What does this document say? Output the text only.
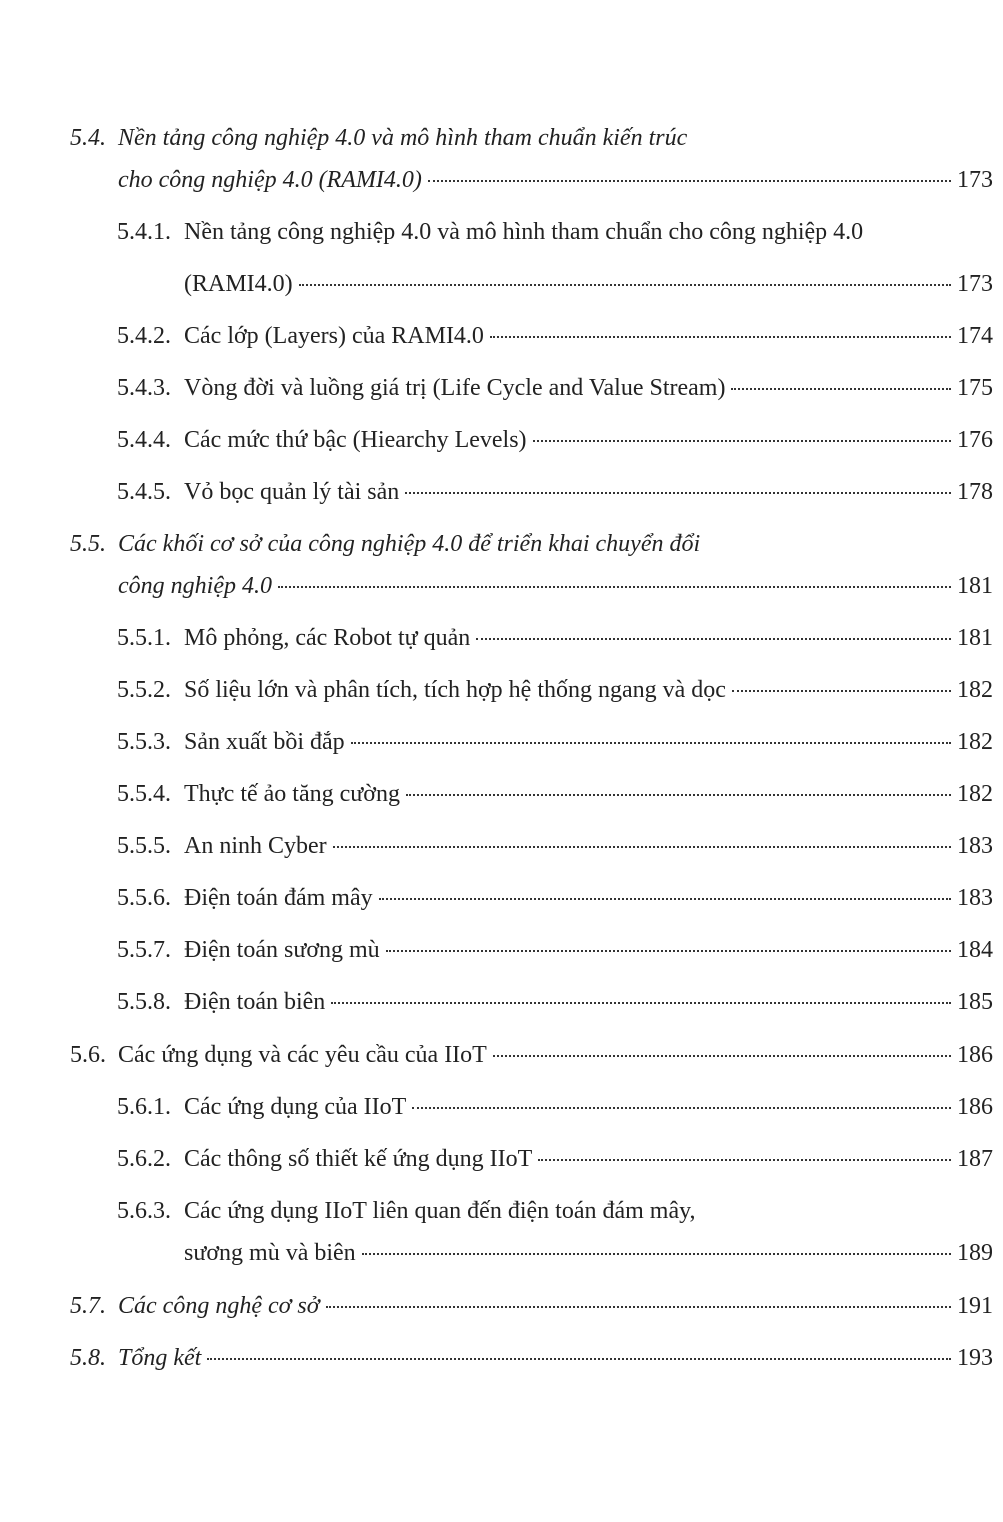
5.4. Nền tảng công nghiệp 4.0 và mô hình tham chuẩn kiến trúc
cho công nghiệp 4.0 (RAMI4.0)	173
5.4.1. Nền tảng công nghiệp 4.0 và mô hình tham chuẩn cho công nghiệp 4.0
(RAMI4.0)	173
5.4.2. Các lớp (Layers) của RAMI4.0	174
5.4.3. Vòng đời và luồng giá trị (Life Cycle and Value Stream)	175
5.4.4. Các mức thứ bậc (Hiearchy Levels)	176
5.4.5. Vỏ bọc quản lý tài sản	178
5.5. Các khối cơ sở của công nghiệp 4.0 để triển khai chuyển đổi
công nghiệp 4.0	181
5.5.1. Mô phỏng, các Robot tự quản	181
5.5.2. Số liệu lớn và phân tích, tích hợp hệ thống ngang và dọc	182
5.5.3. Sản xuất bồi đắp	182
5.5.4. Thực tế ảo tăng cường	182
5.5.5. An ninh Cyber	183
5.5.6. Điện toán đám mây	183
5.5.7. Điện toán sương mù	184
5.5.8. Điện toán biên	185
5.6. Các ứng dụng và các yêu cầu của IIoT	186
5.6.1. Các ứng dụng của IIoT	186
5.6.2. Các thông số thiết kế ứng dụng IIoT	187
5.6.3. Các ứng dụng IIoT liên quan đến điện toán đám mây,
sương mù và biên	189
5.7. Các công nghệ cơ sở	191
5.8. Tổng kết	193
